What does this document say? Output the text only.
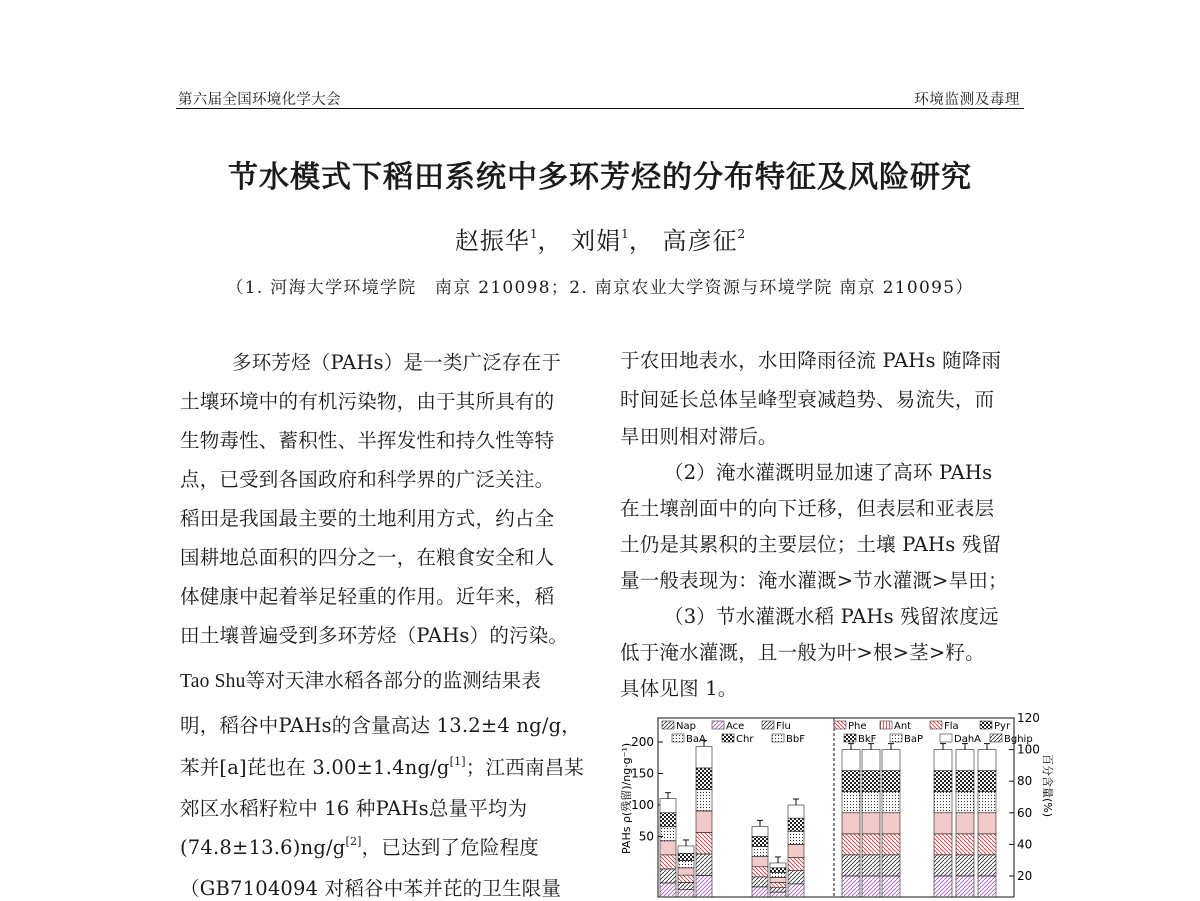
第六届全国环境化学大会	环境监测及毒理
节水模式下稻田系统中多环芳烃的分布特征及风险研究
赵振华$^1$， 刘娟$^1$， 高彦征$^2$
（1. 河海大学环境学院　南京 210098；2. 南京农业大学资源与环境学院 南京 210095）
多环芳烃（PAHs）是一类广泛存在于
土壤环境中的有机污染物，由于其所具有的
生物毒性、蓄积性、半挥发性和持久性等特
点，已受到各国政府和科学界的广泛关注。
稻田是我国最主要的土地利用方式，约占全
国耕地总面积的四分之一，在粮食安全和人
体健康中起着举足轻重的作用。近年来，稻
田土壤普遍受到多环芳烃（PAHs）的污染。
Tao Shu等对天津水稻各部分的监测结果表
明，稻谷中PAHs的含量高达 13.2±4 ng/g，
苯并[a]芘也在 3.00±1.4ng/g[1]；江西南昌某
郊区水稻籽粒中 16 种PAHs总量平均为
(74.8±13.6)ng/g[2]，已达到了危险程度
（GB7104094 对稻谷中苯并芘的卫生限量
于农田地表水，水田降雨径流 PAHs 随降雨
时间延长总体呈峰型衰减趋势、易流失，而
旱田则相对滞后。
（2）淹水灌溉明显加速了高环 PAHs
在土壤剖面中的向下迁移，但表层和亚表层
土仍是其累积的主要层位；土壤 PAHs 残留
量一般表现为：淹水灌溉>节水灌溉>旱田；
（3）节水灌溉水稻 PAHs 残留浓度远
低于淹水灌溉，且一般为叶>根>茎>籽。
具体见图 1。
PAHs ρ(残留)/ng·g⁻¹)	百分含量(%)
Nap	Ace	Flu	Phe	Ant	Fla	Pyr
BaA	Chr	BbF	BkF	BaP	DahA Bghip
50
100
150
200
20
40
60
80
100
120
